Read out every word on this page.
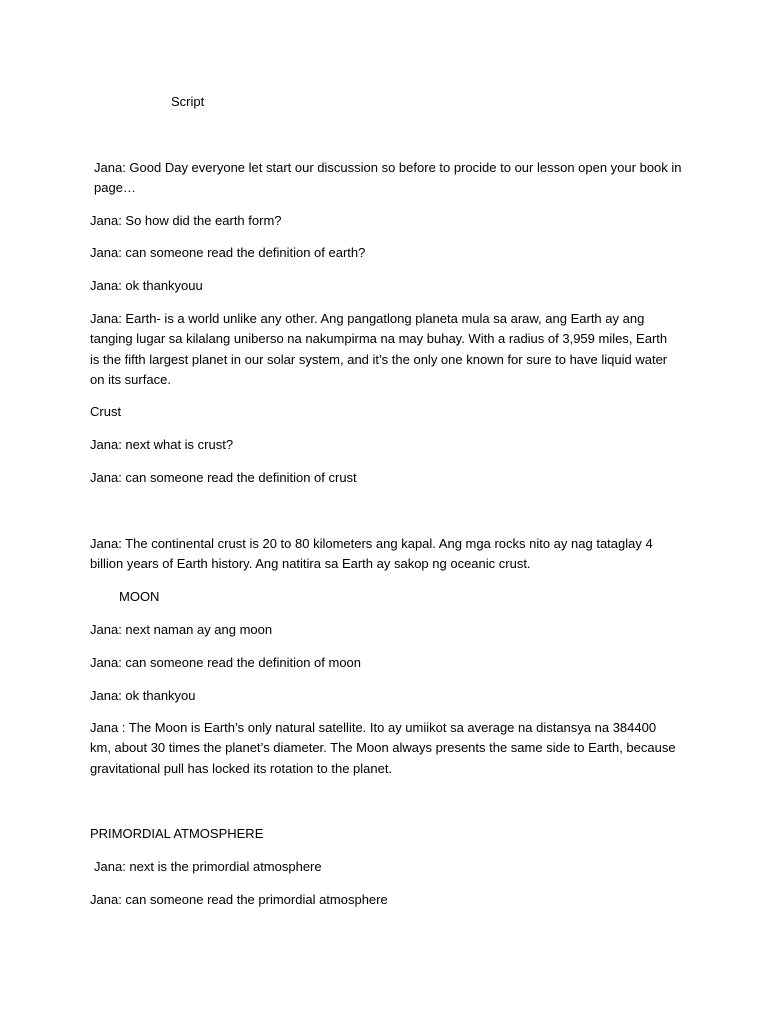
Script
Jana: Good Day everyone let start our discussion so before to procide to our lesson open your book in page…
Jana: So how did the earth form?
Jana: can someone read the definition of earth?
Jana: ok thankyouu
Jana: Earth- is a world unlike any other. Ang pangatlong planeta mula sa araw, ang Earth ay ang tanging lugar sa kilalang uniberso na nakumpirma na may buhay. With a radius of 3,959 miles, Earth is the fifth largest planet in our solar system, and it’s the only one known for sure to have liquid water on its surface.
Crust
Jana: next what is crust?
Jana: can someone read the definition of crust
Jana: The continental crust is 20 to 80 kilometers ang kapal. Ang mga rocks nito ay nag tataglay 4 billion years of Earth history. Ang natitira sa Earth ay sakop ng oceanic crust.
MOON
Jana: next naman ay ang moon
Jana: can someone read the definition of moon
Jana: ok thankyou
Jana : The Moon is Earth’s only natural satellite. Ito ay umiikot sa average na distansya na 384400 km, about 30 times the planet’s diameter. The Moon always presents the same side to Earth, because gravitational pull has locked its rotation to the planet.
PRIMORDIAL ATMOSPHERE
Jana: next is the primordial atmosphere
Jana: can someone read the primordial atmosphere
